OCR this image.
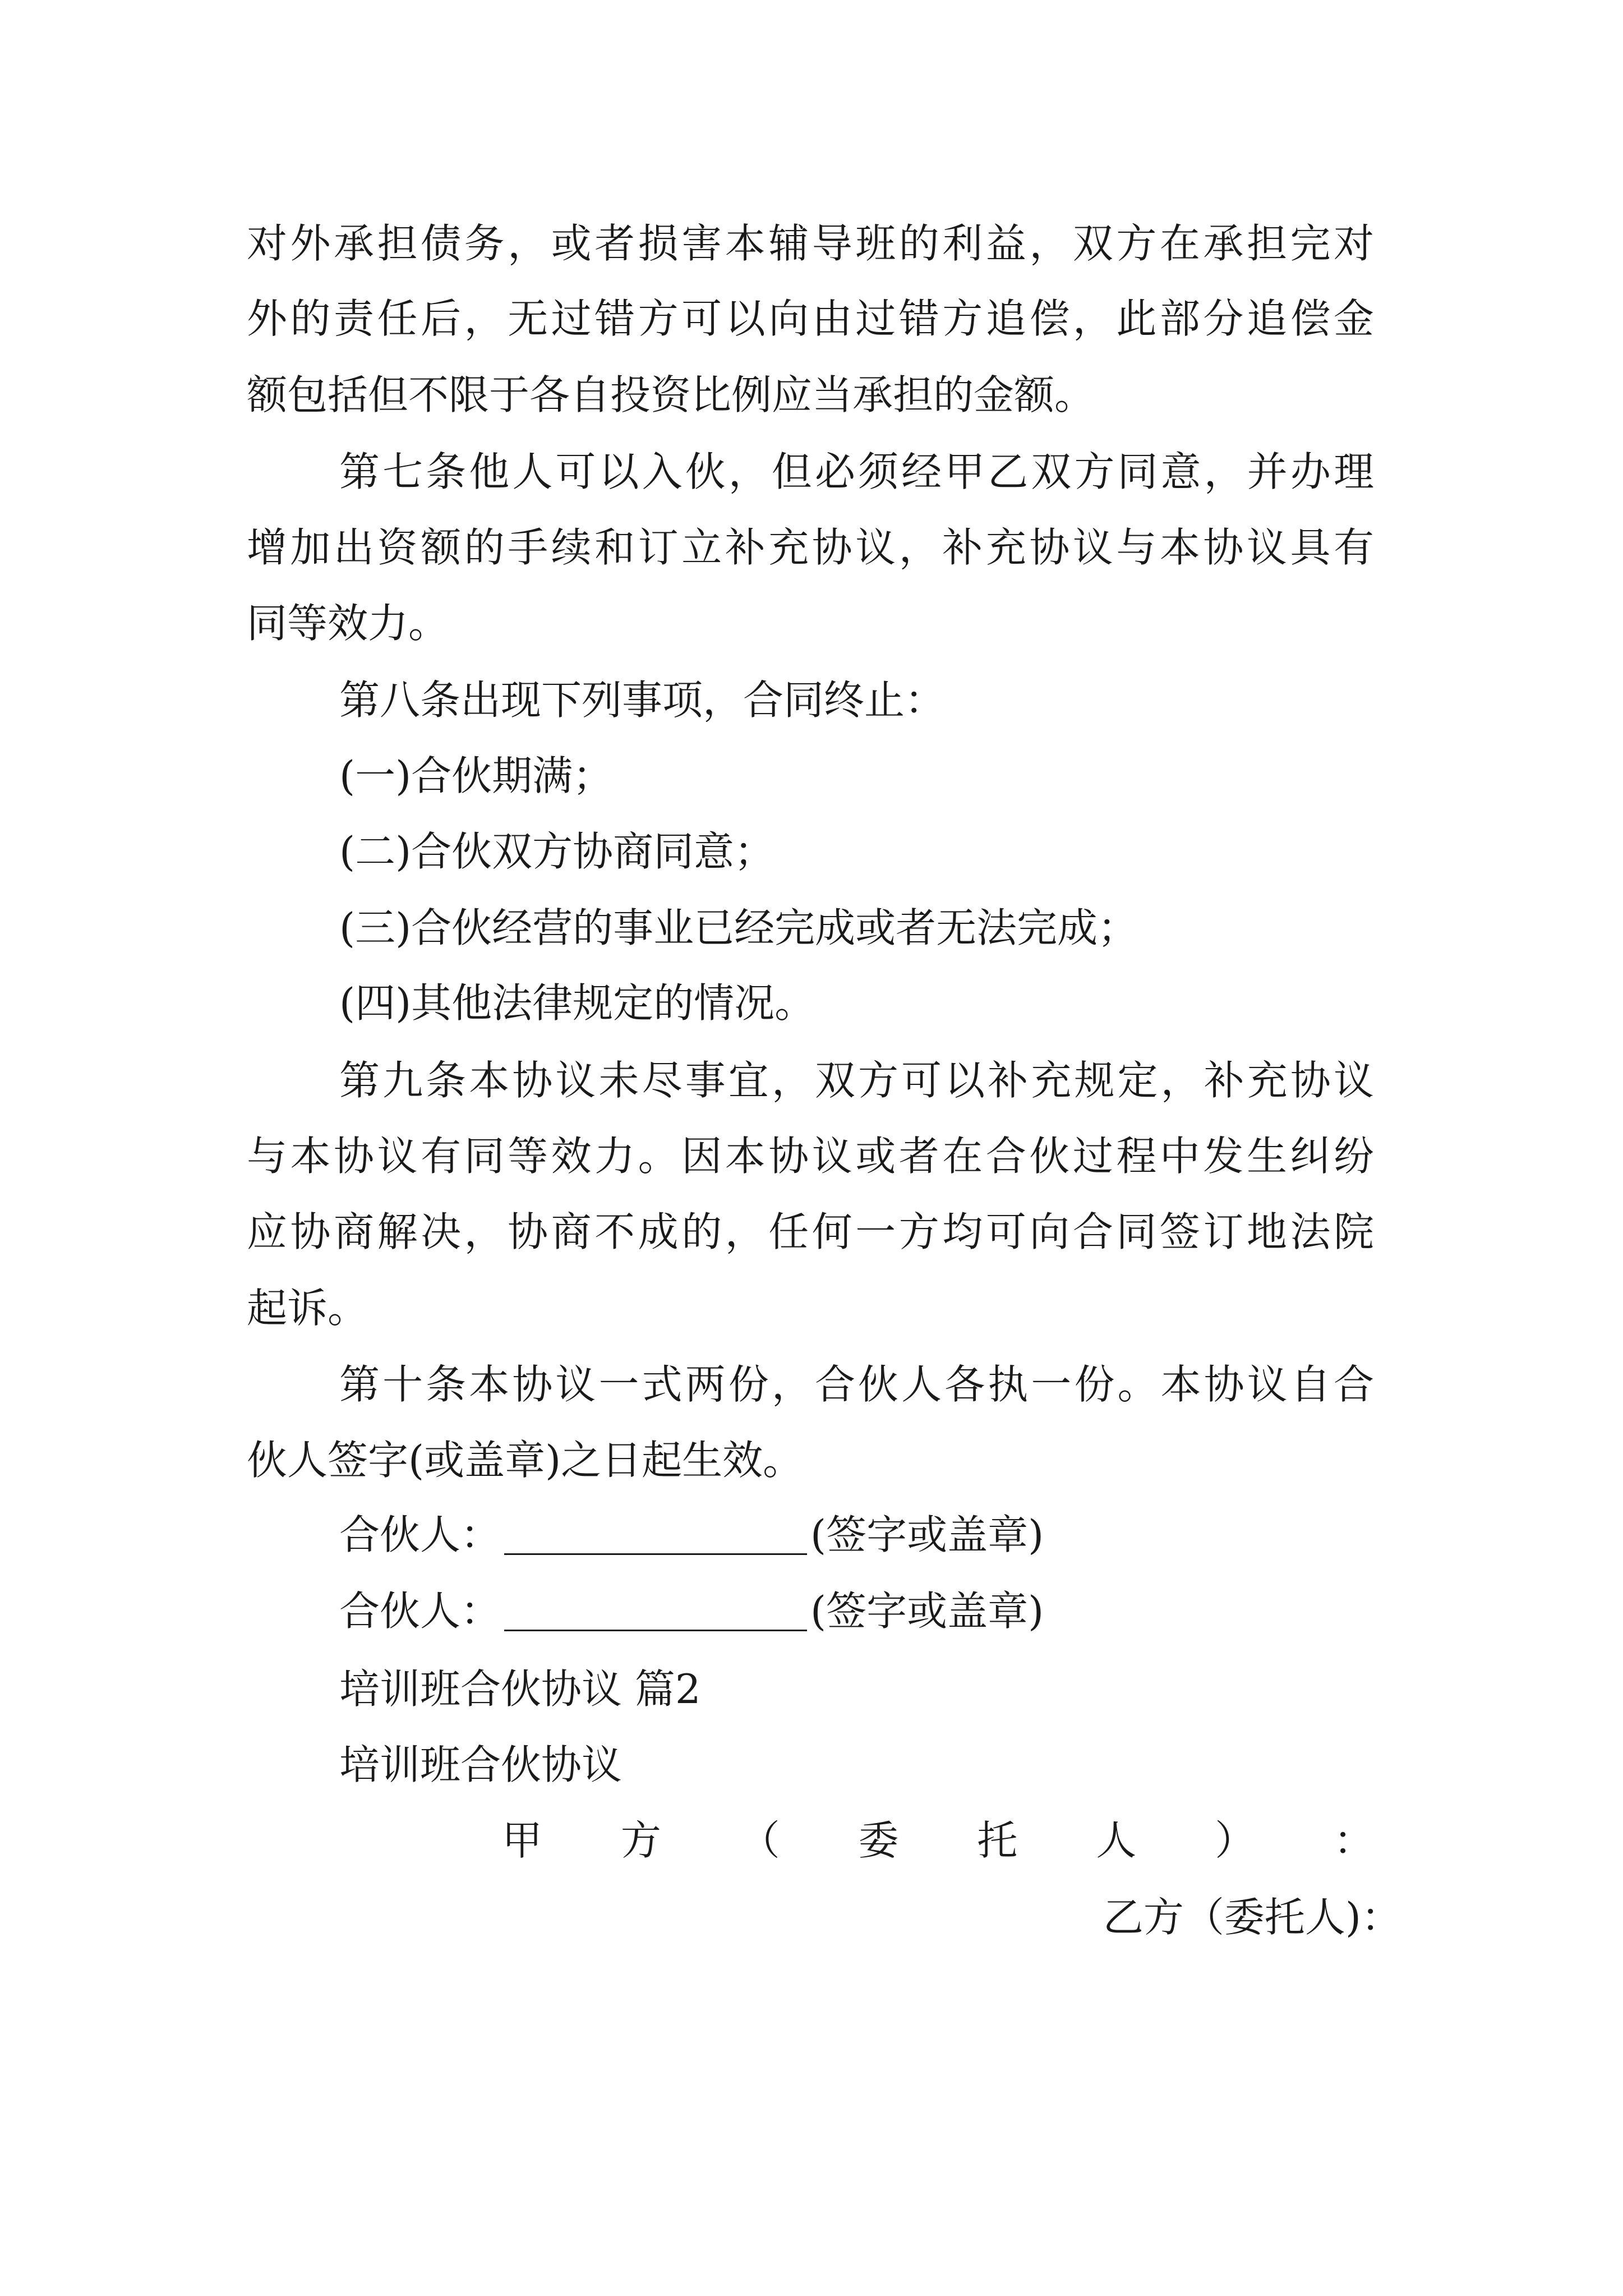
对外承担债务，或者损害本辅导班的利益，双方在承担完对
外的责任后，无过错方可以向由过错方追偿，此部分追偿金
额包括但不限于各自投资比例应当承担的金额。
第七条他人可以入伙，但必须经甲乙双方同意，并办理
增加出资额的手续和订立补充协议，补充协议与本协议具有
同等效力。
第八条出现下列事项，合同终止：
(一)合伙期满；
(二)合伙双方协商同意；
(三)合伙经营的事业已经完成或者无法完成；
(四)其他法律规定的情况。
第九条本协议未尽事宜，双方可以补充规定，补充协议
与本协议有同等效力。因本协议或者在合伙过程中发生纠纷
应协商解决，协商不成的，任何一方均可向合同签订地法院
起诉。
第十条本协议一式两份，合伙人各执一份。本协议自合
伙人签字(或盖章)之日起生效。
合伙人：	(签字或盖章)
合伙人：	(签字或盖章)
培训班合伙协议 篇2
培训班合伙协议
甲 方 （ 委 托 人 ） ：
乙方（委托人)：
